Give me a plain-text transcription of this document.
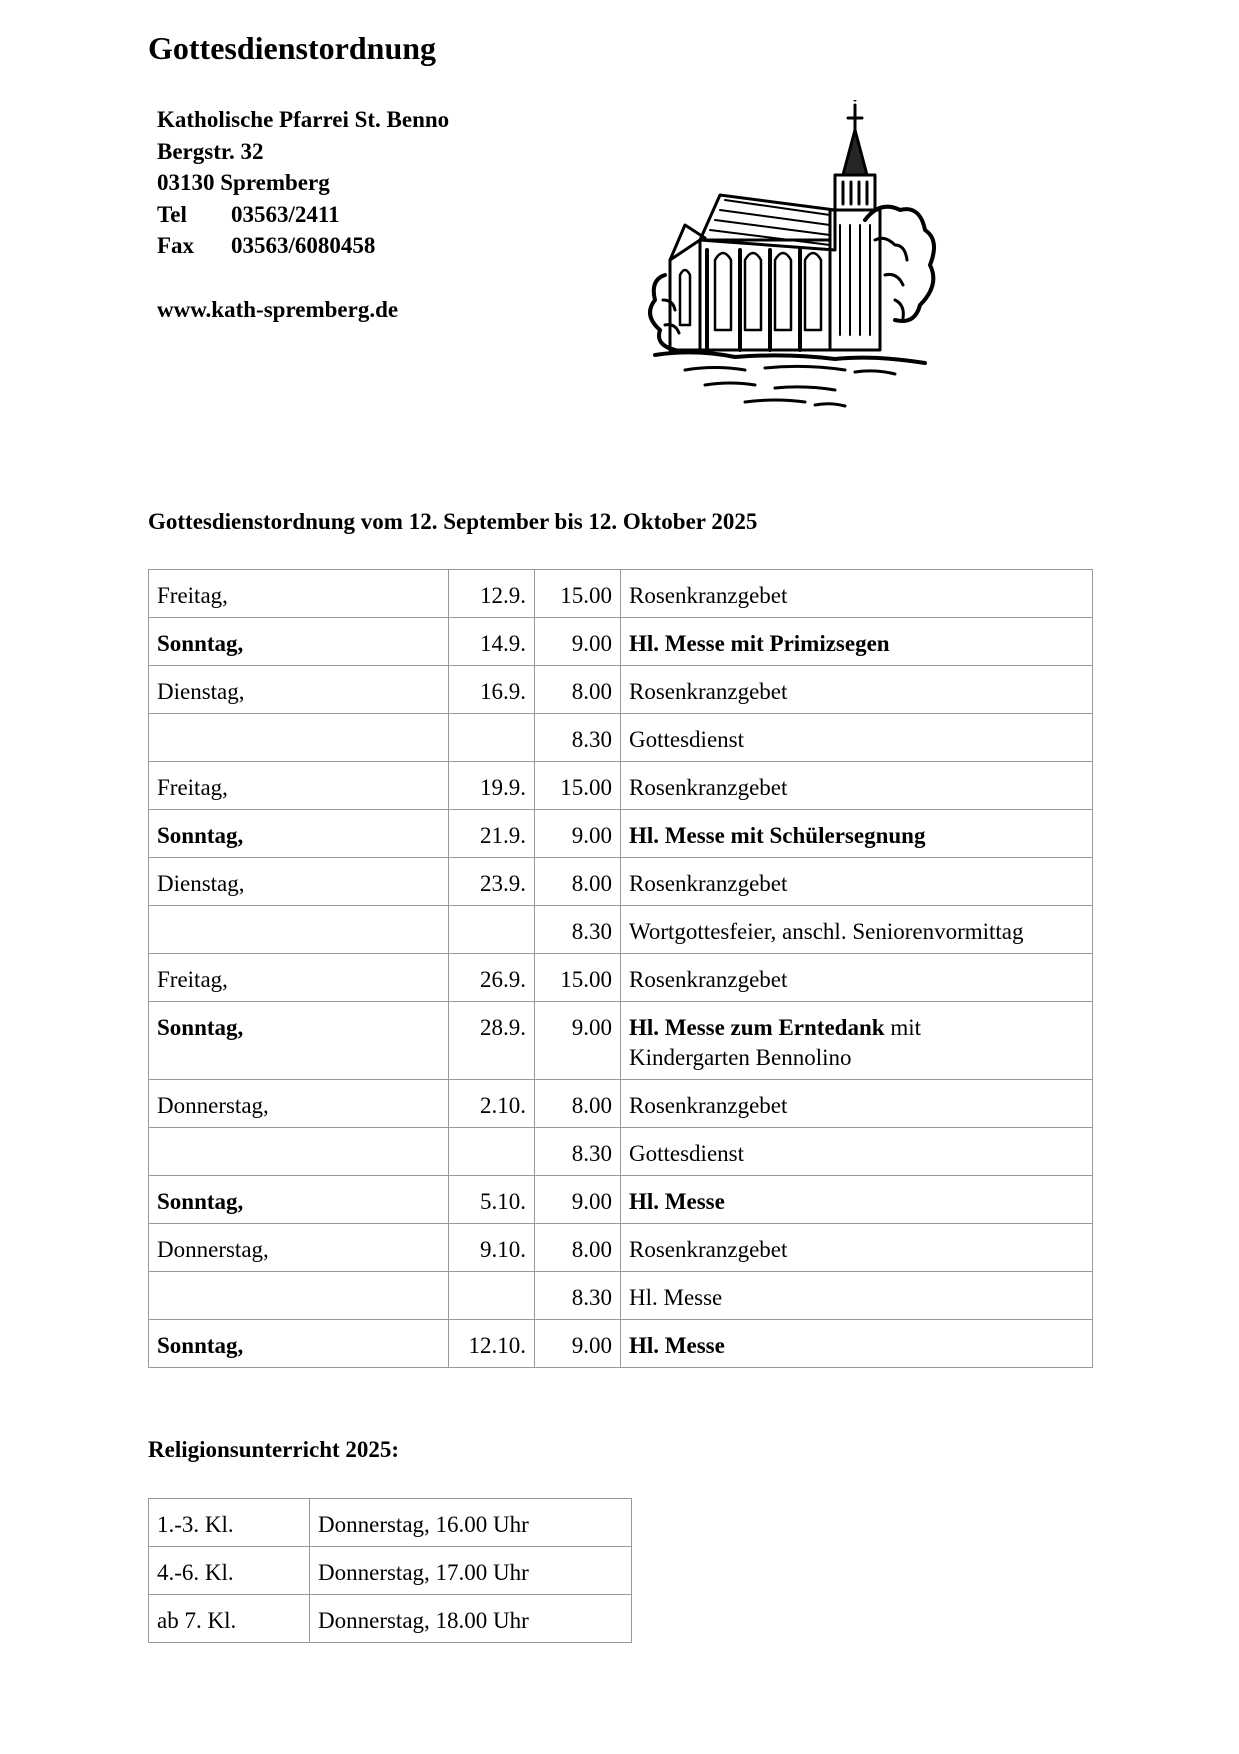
Gottesdienstordnung
Katholische Pfarrei St. Benno
Bergstr. 32
03130 Spremberg
Tel 03563/2411
Fax 03563/6080458
www.kath-spremberg.de
Gottesdienstordnung vom 12. September bis 12. Oktober 2025
Freitag,	12.9.	15.00	Rosenkranzgebet
Sonntag,	14.9.	9.00	Hl. Messe mit Primizsegen
Dienstag,	16.9.	8.00	Rosenkranzgebet
		8.30	Gottesdienst
Freitag,	19.9.	15.00	Rosenkranzgebet
Sonntag,	21.9.	9.00	Hl. Messe mit Schülersegnung
Dienstag,	23.9.	8.00	Rosenkranzgebet
		8.30	Wortgottesfeier, anschl. Seniorenvormittag
Freitag,	26.9.	15.00	Rosenkranzgebet
Sonntag,	28.9.	9.00	Hl. Messe zum Erntedank mit
Kindergarten Bennolino
Donnerstag,	2.10.	8.00	Rosenkranzgebet
		8.30	Gottesdienst
Sonntag,	5.10.	9.00	Hl. Messe
Donnerstag,	9.10.	8.00	Rosenkranzgebet
		8.30	Hl. Messe
Sonntag,	12.10.	9.00	Hl. Messe
Religionsunterricht 2025:
1.-3. Kl.	Donnerstag, 16.00 Uhr
4.-6. Kl.	Donnerstag, 17.00 Uhr
ab 7. Kl.	Donnerstag, 18.00 Uhr
